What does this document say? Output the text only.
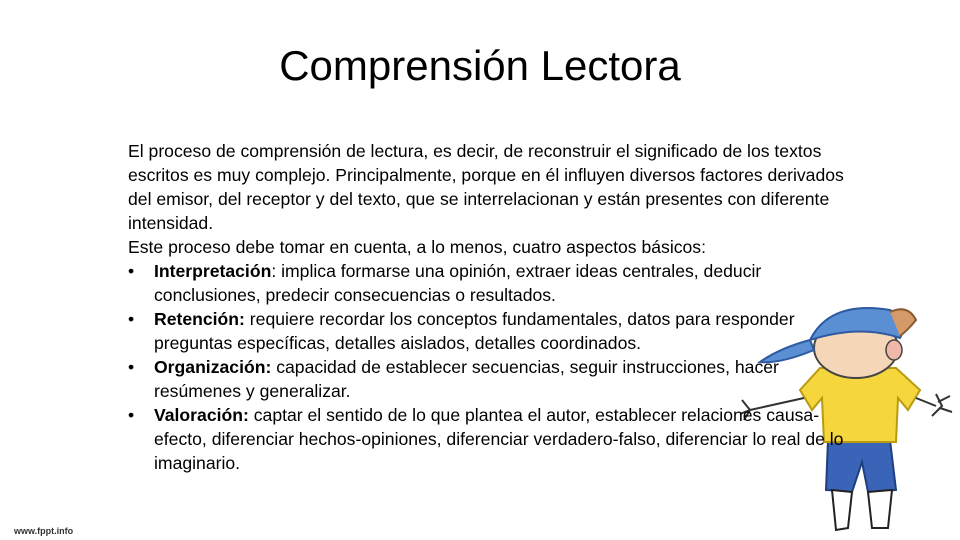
Comprensión Lectora

El proceso de comprensión de lectura, es decir, de reconstruir el significado de los textos escritos es muy complejo. Principalmente, porque en él influyen diversos factores derivados del emisor, del receptor y del texto, que se interrelacionan y están presentes con diferente intensidad.

Este proceso debe tomar en cuenta, a lo menos, cuatro aspectos básicos:

• Interpretación: implica formarse una opinión, extraer ideas centrales, deducir conclusiones, predecir consecuencias o resultados.
• Retención: requiere recordar los conceptos fundamentales, datos para responder preguntas específicas, detalles aislados, detalles coordinados.
• Organización: capacidad de establecer secuencias, seguir instrucciones, hacer resúmenes y generalizar.
• Valoración: captar el sentido de lo que plantea el autor, establecer relaciones causa-efecto, diferenciar hechos-opiniones, diferenciar verdadero-falso, diferenciar lo real de lo imaginario.
www.fppt.info
